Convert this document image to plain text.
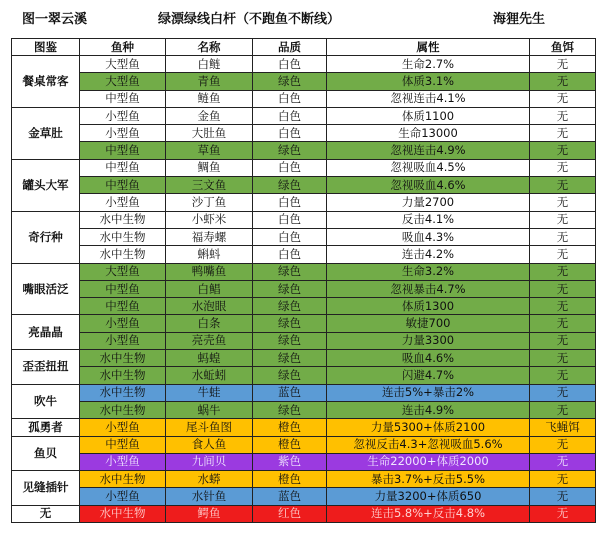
图一翠云溪	绿漂绿线白杆（不跑鱼不断线）	海狸先生
图鉴	鱼种	名称	品质	属性	鱼饵
餐桌常客	大型鱼	白鲢	白色	生命2.7%	无
	大型鱼	青鱼	绿色	体质3.1%	无
	中型鱼	鲢鱼	白色	忽视连击4.1%	无
金草肚	小型鱼	金鱼	白色	体质1100	无
	小型鱼	大肚鱼	白色	生命13000	无
	中型鱼	草鱼	绿色	忽视连击4.9%	无
罐头大军	中型鱼	鲷鱼	白色	忽视吸血4.5%	无
	中型鱼	三文鱼	绿色	忽视吸血4.6%	无
	小型鱼	沙丁鱼	白色	力量2700	无
奇行种	水中生物	小虾米	白色	反击4.1%	无
	水中生物	福寿螺	白色	吸血4.3%	无
	水中生物	蝌蚪	白色	连击4.2%	无
嘴眼活泛	大型鱼	鸭嘴鱼	绿色	生命3.2%	无
	中型鱼	白鲳	绿色	忽视暴击4.7%	无
	中型鱼	水泡眼	绿色	体质1300	无
亮晶晶	小型鱼	白条	绿色	敏捷700	无
	小型鱼	亮壳鱼	绿色	力量3300	无
歪歪扭扭	水中生物	蚂蝗	绿色	吸血4.6%	无
	水中生物	水蚯蚓	绿色	闪避4.7%	无
吹牛	水中生物	牛蛙	蓝色	连击5%+暴击2%	无
	水中生物	蜗牛	绿色	连击4.9%	无
孤勇者	小型鱼	尾斗鱼图	橙色	力量5300+体质2100	飞蝇饵
鱼贝	中型鱼	食人鱼	橙色	忽视反击4.3+忽视吸血5.6%	无
	小型鱼	九间贝	紫色	生命22000+体质2000	无
见缝插针	水中生物	水蟒	橙色	暴击3.7%+反击5.5%	无
	小型鱼	水针鱼	蓝色	力量3200+体质650	无
无	水中生物	鳄鱼	红色	连击5.8%+反击4.8%	无
